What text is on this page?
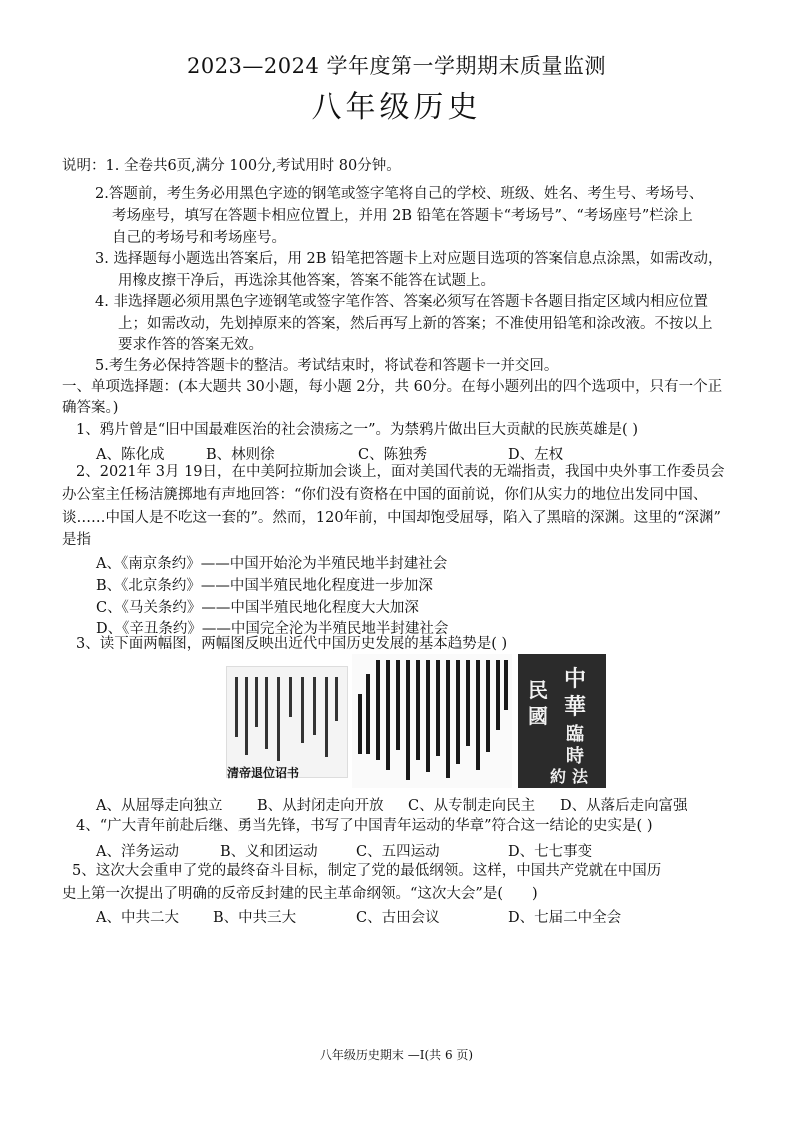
2023—2024 学年度第一学期期末质量监测
八年级历史
说明：1. 全卷共6页,满分 100分,考试用时 80分钟。
2.答题前，考生务必用黑色字迹的钢笔或签字笔将自己的学校、班级、姓名、考生号、考场号、
考场座号，填写在答题卡相应位置上，并用 2B 铅笔在答题卡“考场号”、“考场座号”栏涂上
自己的考场号和考场座号。
3. 选择题每小题选出答案后，用 2B 铅笔把答题卡上对应题目选项的答案信息点涂黑，如需改动，
用橡皮擦干净后，再选涂其他答案，答案不能答在试题上。
4. 非选择题必须用黑色字迹钢笔或签字笔作答、答案必须写在答题卡各题目指定区域内相应位置
上；如需改动，先划掉原来的答案，然后再写上新的答案；不准使用铅笔和涂改液。不按以上
要求作答的答案无效。
5.考生务必保持答题卡的整洁。考试结束时，将试卷和答题卡一并交回。
一、单项选择题：(本大题共 30小题，每小题 2分，共 60分。在每小题列出的四个选项中，只有一个正
确答案。)
1、鸦片曾是“旧中国最难医治的社会溃疡之一”。为禁鸦片做出巨大贡献的民族英雄是( )
A、陈化成	B、林则徐	C、陈独秀	D、左权
2、2021年 3月 19日，在中美阿拉斯加会谈上，面对美国代表的无端指责，我国中央外事工作委员会
办公室主任杨洁篪掷地有声地回答：“你们没有资格在中国的面前说，你们从实力的地位出发同中国、
谈……中国人是不吃这一套的”。然而，120年前，中国却饱受屈辱，陷入了黑暗的深渊。这里的“深渊”
是指
A、《南京条约》——中国开始沦为半殖民地半封建社会
B、《北京条约》——中国半殖民地化程度进一步加深
C、《马关条约》——中国半殖民地化程度大大加深
D、《辛丑条约》——中国完全沦为半殖民地半封建社会
3、读下面两幅图，两幅图反映出近代中国历史发展的基本趋势是( )
清帝退位诏书
中
華
民
國
臨
時
約 法
A、从屈辱走向独立 B、从封闭走向开放 C、从专制走向民主 D、从落后走向富强
4、“广大青年前赴后继、勇当先锋，书写了中国青年运动的华章”符合这一结论的史实是( )
A、洋务运动	B、义和团运动	C、五四运动	D、七七事变
5、这次大会重申了党的最终奋斗目标，制定了党的最低纲领。这样，中国共产党就在中国历
史上第一次提出了明确的反帝反封建的民主革命纲领。“这次大会”是(　　)
A、中共二大 B、中共三大	C、古田会议	D、七届二中全会
八年级历史期末 —I(共 6 页)
